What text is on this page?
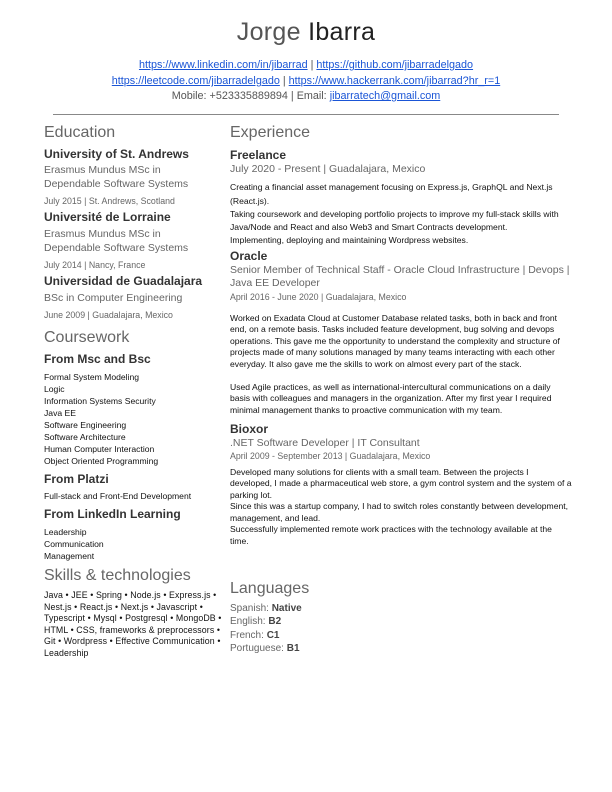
Jorge Ibarra
https://www.linkedin.com/in/jibarrad | https://github.com/jibarradelgado
https://leetcode.com/jibarradelgado | https://www.hackerrank.com/jibarrad?hr_r=1
Mobile: +523335889894 | Email: jibarratech@gmail.com
Education
University of St. Andrews
Erasmus Mundus MSc in
Dependable Software Systems
July 2015 | St. Andrews, Scotland
Université de Lorraine
Erasmus Mundus MSc in
Dependable Software Systems
July 2014 | Nancy, France
Universidad de Guadalajara
BSc in Computer Engineering
June 2009 | Guadalajara, Mexico
Coursework
From Msc and Bsc
Formal System Modeling
Logic
Information Systems Security
Java EE
Software Engineering
Software Architecture
Human Computer Interaction
Object Oriented Programming
From Platzi
Full-stack and Front-End Development
From LinkedIn Learning
Leadership
Communication
Management
Skills & technologies
Java • JEE • Spring • Node.js • Express.js • Nest.js • React.js • Next.js • Javascript • Typescript • Mysql • Postgresql • MongoDB • HTML • CSS, frameworks & preprocessors • Git • Wordpress • Effective Communication • Leadership
Experience
Freelance
July 2020 - Present | Guadalajara, Mexico

Creating a financial asset management focusing on Express.js, GraphQL and Next.js (React.js).

Taking coursework and developing portfolio projects to improve my full-stack skills with Java/Node and React and also Web3 and Smart Contracts development.

Implementing, deploying and maintaining Wordpress websites.

Oracle
Senior Member of Technical Staff - Oracle Cloud Infrastructure | Devops | Java EE Developer
April 2016 - June 2020 | Guadalajara, Mexico

Worked on Exadata Cloud at Customer Database related tasks, both in back and front end, on a remote basis. Tasks included feature development, bug solving and devops operations. This gave me the opportunity to understand the complexity and structure of projects made of many solutions managed by many teams interacting with each other everyday. It also gave me the skills to work on almost every part of the stack.

Used Agile practices, as well as international-intercultural communications on a daily basis with colleagues and managers in the organization. After my first year I required minimal management thanks to proactive communication with my team.

Bioxor
.NET Software Developer | IT Consultant
April 2009 - September 2013 | Guadalajara, Mexico

Developed many solutions for clients with a small team. Between the projects I developed, I made a pharmaceutical web store, a gym control system and the system of a parking lot.

Since this was a startup company, I had to switch roles constantly between development, management, and lead.

Successfully implemented remote work practices with the technology available at the time.

Languages
Spanish: Native
English: B2
French: C1
Portuguese: B1
